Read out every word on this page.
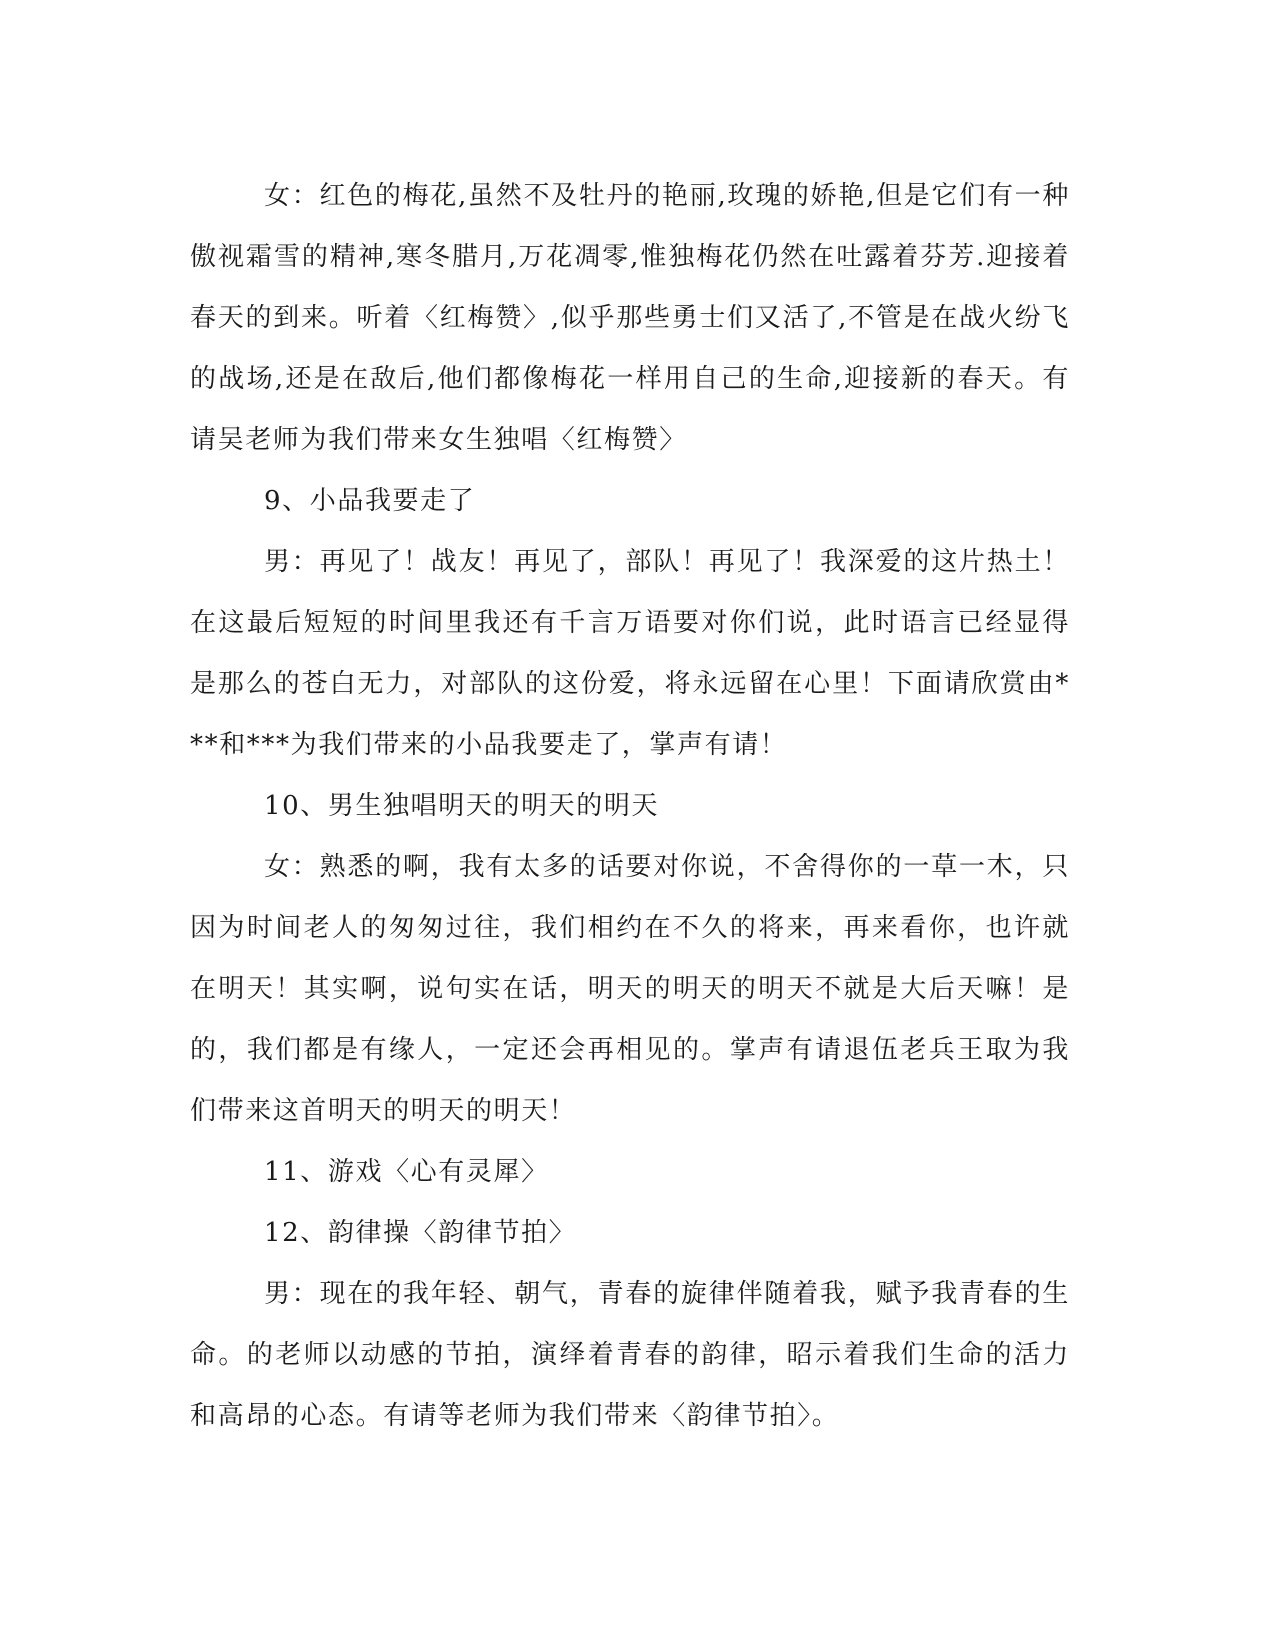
女：红色的梅花,虽然不及牡丹的艳丽,玫瑰的娇艳,但是它们有一种傲视霜雪的精神,寒冬腊月,万花凋零,惟独梅花仍然在吐露着芬芳.迎接着春天的到来。听着〈红梅赞〉,似乎那些勇士们又活了,不管是在战火纷飞的战场,还是在敌后,他们都像梅花一样用自己的生命,迎接新的春天。有请吴老师为我们带来女生独唱〈红梅赞〉

9、小品我要走了

男：再见了！战友！再见了，部队！再见了！我深爱的这片热土！在这最后短短的时间里我还有千言万语要对你们说，此时语言已经显得是那么的苍白无力，对部队的这份爱，将永远留在心里！下面请欣赏由***和***为我们带来的小品我要走了，掌声有请！

10、男生独唱明天的明天的明天

女：熟悉的啊，我有太多的话要对你说，不舍得你的一草一木，只因为时间老人的匆匆过往，我们相约在不久的将来，再来看你，也许就在明天！其实啊，说句实在话，明天的明天的明天不就是大后天嘛！是的，我们都是有缘人，一定还会再相见的。掌声有请退伍老兵王取为我们带来这首明天的明天的明天！

11、游戏〈心有灵犀〉

12、韵律操〈韵律节拍〉

男：现在的我年轻、朝气，青春的旋律伴随着我，赋予我青春的生命。的老师以动感的节拍，演绎着青春的韵律，昭示着我们生命的活力和高昂的心态。有请等老师为我们带来〈韵律节拍〉。
